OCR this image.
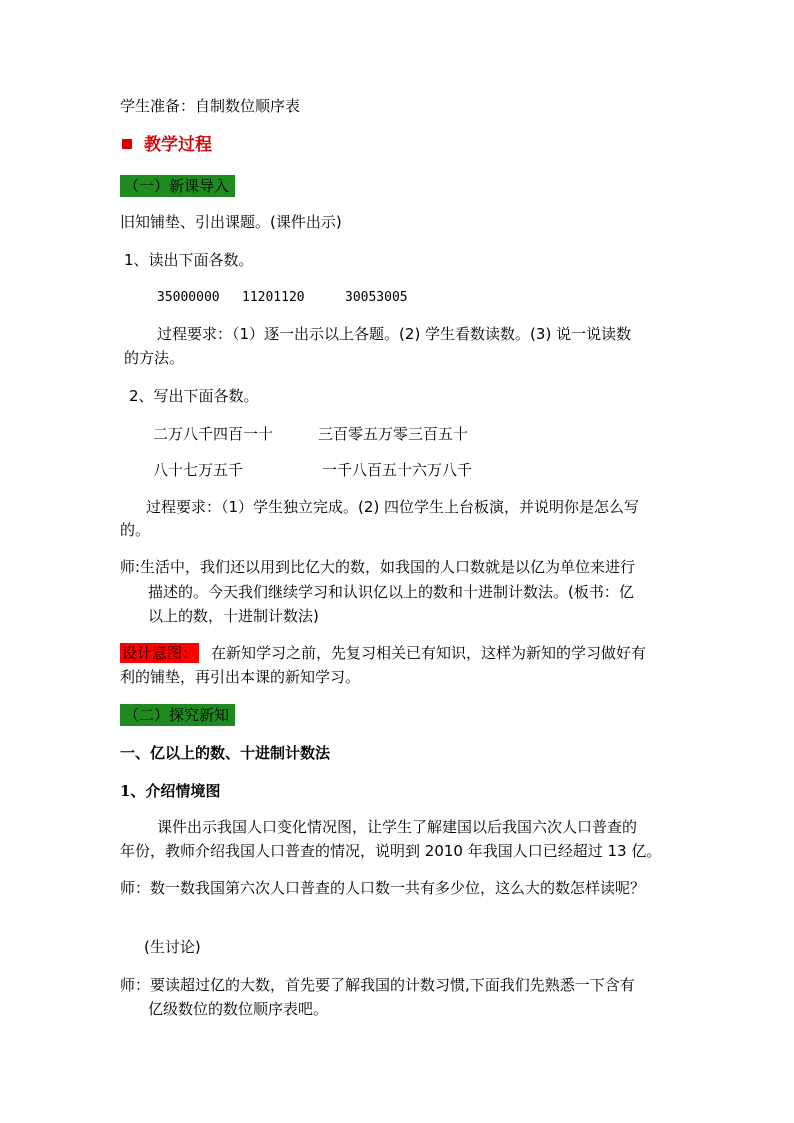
学生准备：自制数位顺序表
教学过程
（一）新课导入
旧知铺垫、引出课题。(课件出示)
1、读出下面各数。
35000000 11201120	30053005
过程要求：（1）逐一出示以上各题。(2) 学生看数读数。(3) 说一说读数
的方法。
2、写出下面各数。
二万八千四百一十	三百零五万零三百五十
八十七万五千	一千八百五十六万八千
过程要求：（1）学生独立完成。(2) 四位学生上台板演，并说明你是怎么写
的。
师:生活中，我们还以用到比亿大的数，如我国的人口数就是以亿为单位来进行
描述的。今天我们继续学习和认识亿以上的数和十进制计数法。(板书：亿
以上的数，十进制计数法)
设计意图： 在新知学习之前，先复习相关已有知识，这样为新知的学习做好有
利的铺垫，再引出本课的新知学习。
（二）探究新知
一、亿以上的数、十进制计数法
1、介绍情境图
课件出示我国人口变化情况图，让学生了解建国以后我国六次人口普查的
年份，教师介绍我国人口普查的情况，说明到 2010 年我国人口已经超过 13 亿。
师：数一数我国第六次人口普查的人口数一共有多少位，这么大的数怎样读呢？
(生讨论)
师：要读超过亿的大数，首先要了解我国的计数习惯,下面我们先熟悉一下含有
亿级数位的数位顺序表吧。
